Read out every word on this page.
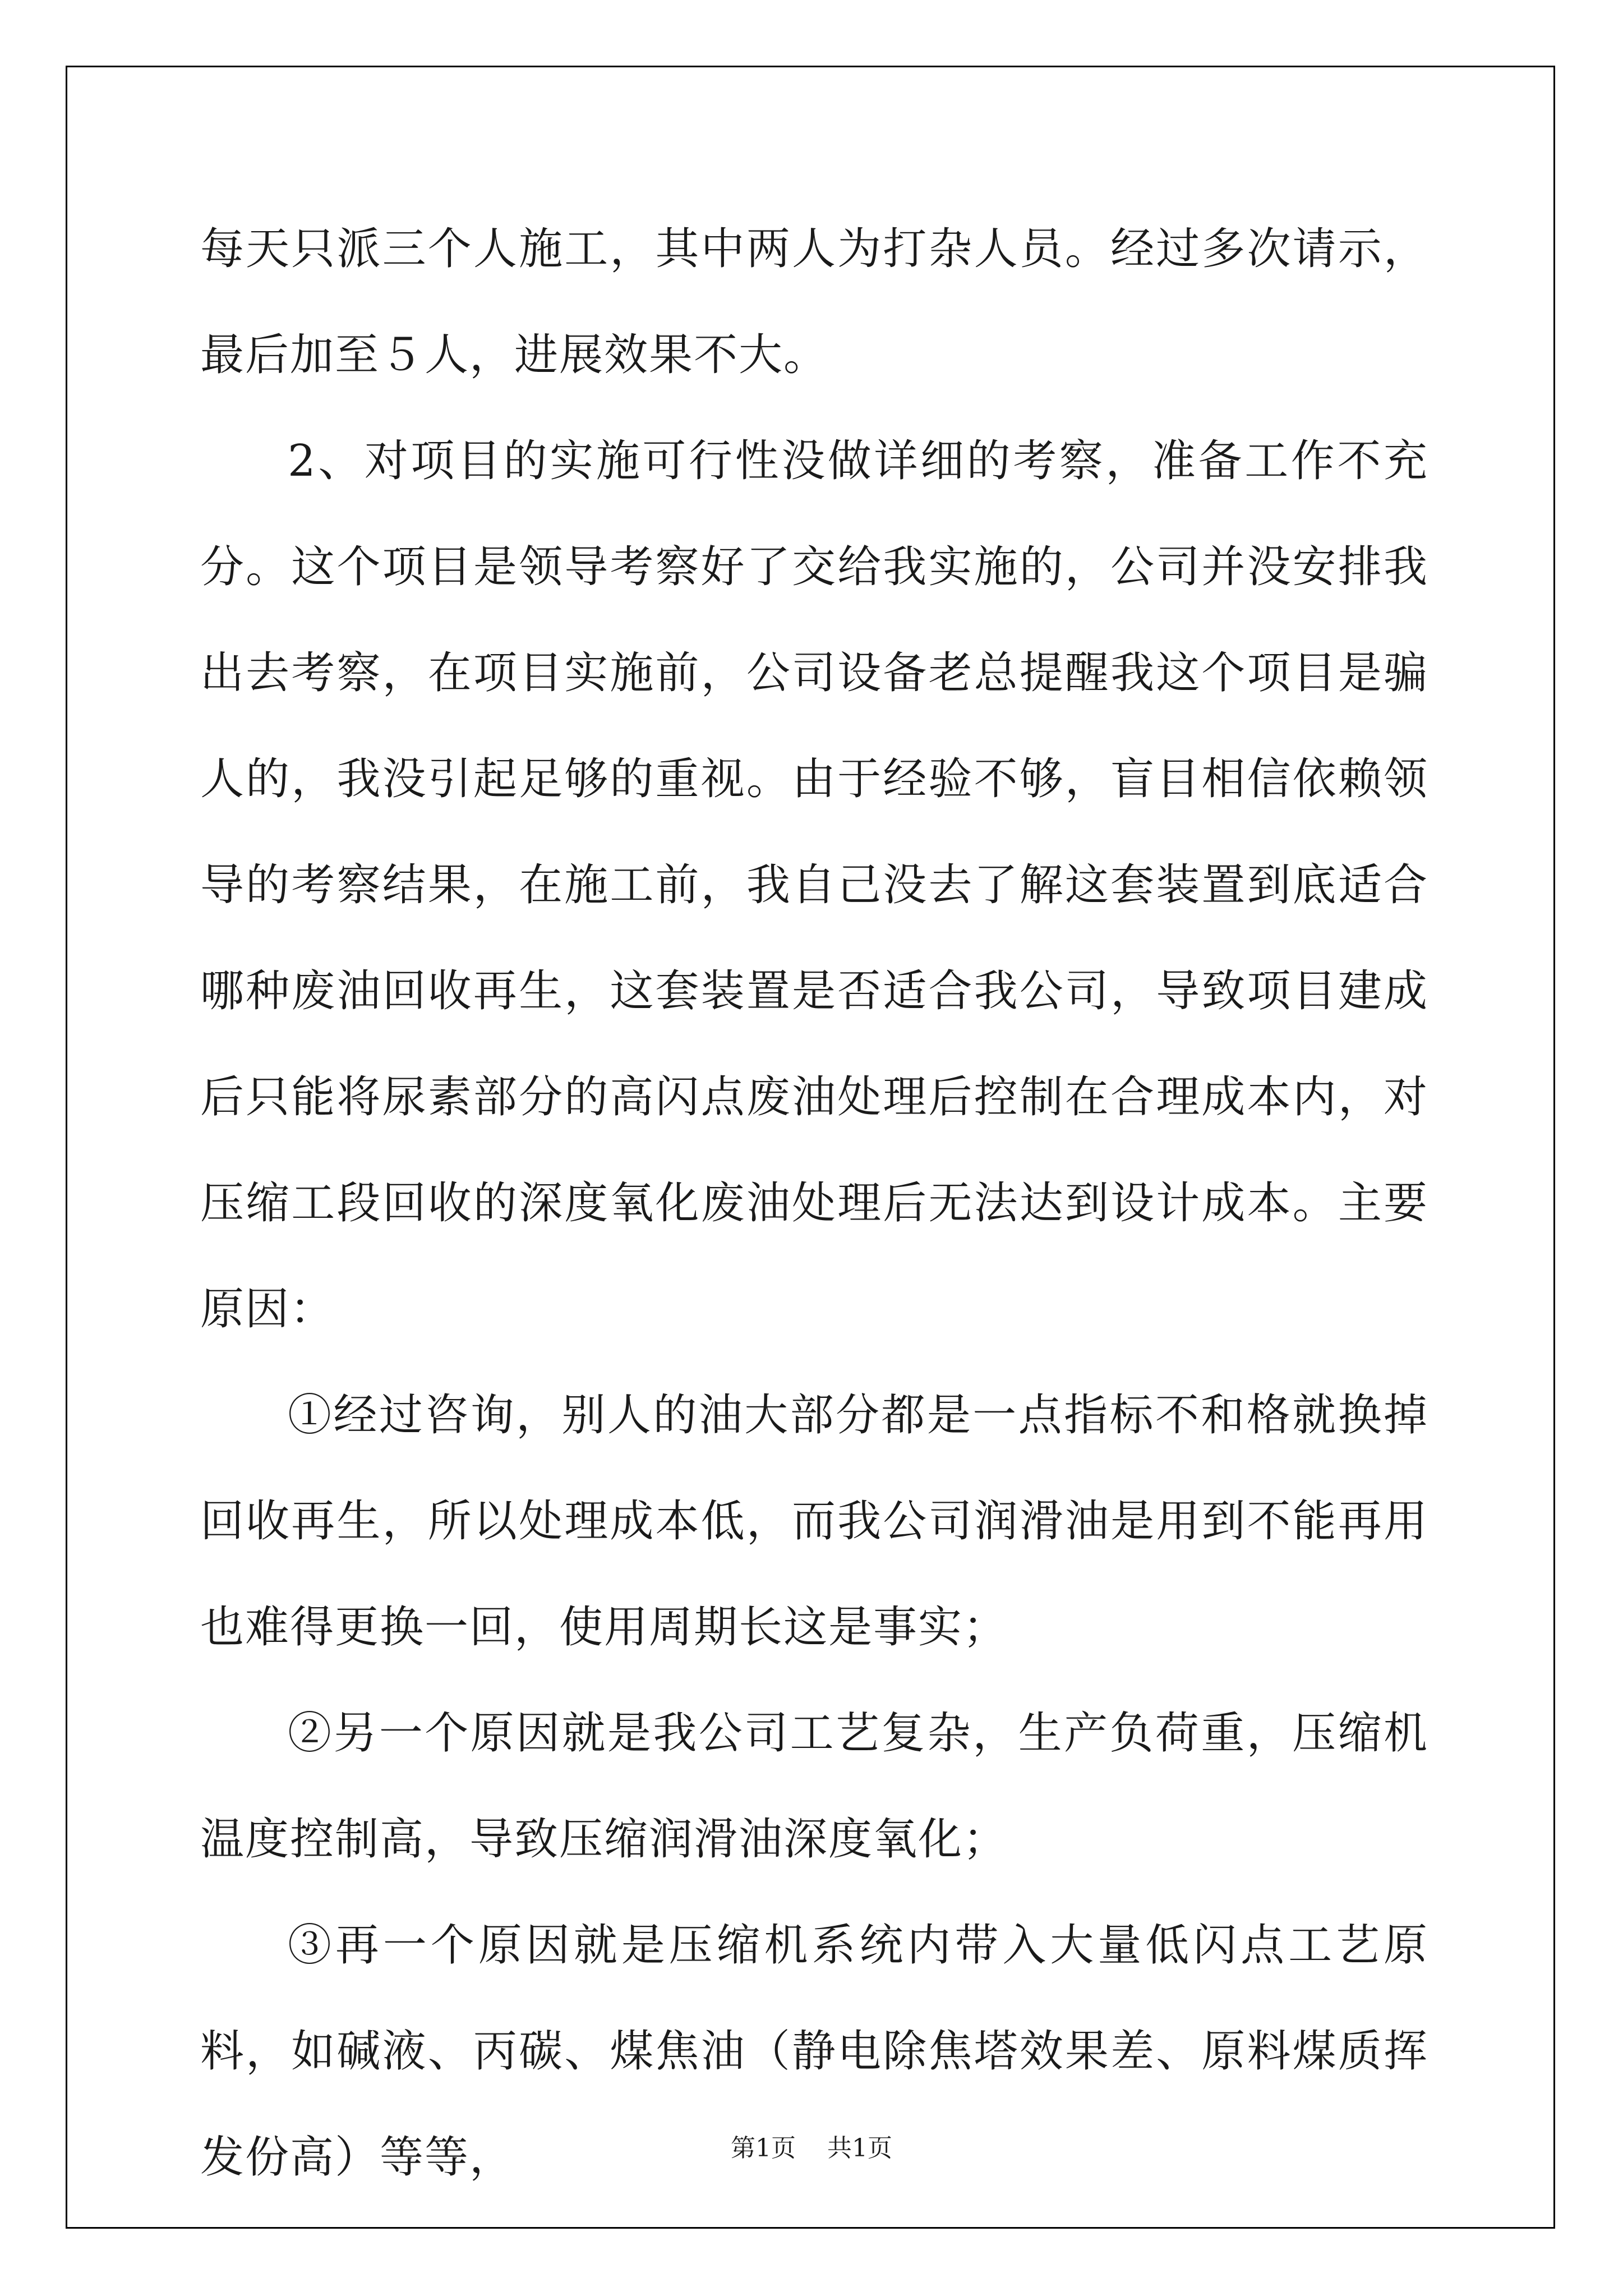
每天只派三个人施工，其中两人为打杂人员。经过多次请示，最后加至５人，进展效果不大。

2、对项目的实施可行性没做详细的考察，准备工作不充分。这个项目是领导考察好了交给我实施的，公司并没安排我出去考察，在项目实施前，公司设备老总提醒我这个项目是骗人的，我没引起足够的重视。由于经验不够，盲目相信依赖领导的考察结果，在施工前，我自己没去了解这套装置到底适合哪种废油回收再生，这套装置是否适合我公司，导致项目建成后只能将尿素部分的高闪点废油处理后控制在合理成本内，对压缩工段回收的深度氧化废油处理后无法达到设计成本。主要原因：

①经过咨询，别人的油大部分都是一点指标不和格就换掉回收再生，所以处理成本低，而我公司润滑油是用到不能再用也难得更换一回，使用周期长这是事实；

②另一个原因就是我公司工艺复杂，生产负荷重，压缩机温度控制高，导致压缩润滑油深度氧化；

③再一个原因就是压缩机系统内带入大量低闪点工艺原料，如碱液、丙碳、煤焦油（静电除焦塔效果差、原料煤质挥发份高）等等，	第1页 共1页
